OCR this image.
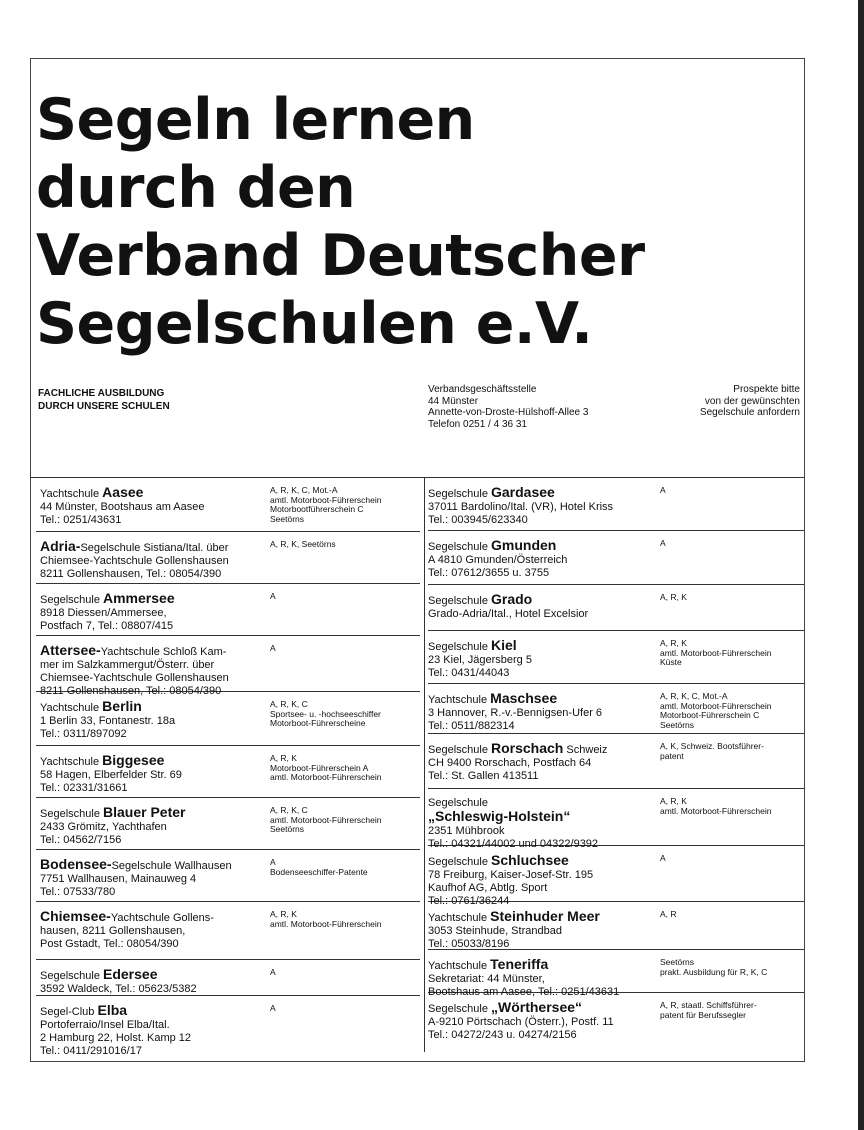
Segeln lernen
durch den
Verband Deutscher
Segelschulen e.V.
FACHLICHE AUSBILDUNG
DURCH UNSERE SCHULEN
Verbandsgeschäftsstelle
44 Münster
Annette-von-Droste-Hülshoff-Allee 3
Telefon 0251 / 4 36 31
Prospekte bitte
von der gewünschten
Segelschule anfordern
Yachtschule Aasee
44 Münster, Bootshaus am Aasee
Tel.: 0251/43631
A, R, K, C, Mot.-A
amtl. Motorboot-Führerschein
Motorbootführerschein C
Seetörns
Adria-Segelschule Sistiana/Ital. über
Chiemsee-Yachtschule Gollenshausen
8211 Gollenshausen, Tel.: 08054/390
A, R, K, Seetörns
Segelschule Ammersee
8918 Diessen/Ammersee,
Postfach 7, Tel.: 08807/415
A
Attersee-Yachtschule Schloß Kam-
mer im Salzkammergut/Österr. über
Chiemsee-Yachtschule Gollenshausen
8211 Gollenshausen, Tel.: 08054/390
A
Yachtschule Berlin
1 Berlin 33, Fontanestr. 18a
Tel.: 0311/897092
A, R, K, C
Sportsee- u. -hochseeschiffer
Motorboot-Führerscheine
Yachtschule Biggesee
58 Hagen, Elberfelder Str. 69
Tel.: 02331/31661
A, R, K
Motorboot-Führerschein A
amtl. Motorboot-Führerschein
Segelschule Blauer Peter
2433 Grömitz, Yachthafen
Tel.: 04562/7156
A, R, K, C
amtl. Motorboot-Führerschein
Seetörns
Bodensee-Segelschule Wallhausen
7751 Wallhausen, Mainauweg 4
Tel.: 07533/780
A
Bodenseeschiffer-Patente
Chiemsee-Yachtschule Gollens-
hausen, 8211 Gollenshausen,
Post Gstadt, Tel.: 08054/390
A, R, K
amtl. Motorboot-Führerschein
Segelschule Edersee
3592 Waldeck, Tel.: 05623/5382
A
Segel-Club Elba
Portoferraio/Insel Elba/Ital.
2 Hamburg 22, Holst. Kamp 12
Tel.: 0411/291016/17
A
Segelschule Gardasee
37011 Bardolino/Ital. (VR), Hotel Kriss
Tel.: 003945/623340
A
Segelschule Gmunden
A 4810 Gmunden/Österreich
Tel.: 07612/3655 u. 3755
A
Segelschule Grado
Grado-Adria/Ital., Hotel Excelsior
A, R, K
Segelschule Kiel
23 Kiel, Jägersberg 5
Tel.: 0431/44043
A, R, K
amtl. Motorboot-Führerschein
Küste
Yachtschule Maschsee
3 Hannover, R.-v.-Bennigsen-Ufer 6
Tel.: 0511/882314
A, R, K, C, Mot.-A
amtl. Motorboot-Führerschein
Motorboot-Führerschein C
Seetörns
Segelschule Rorschach Schweiz
CH 9400 Rorschach, Postfach 64
Tel.: St. Gallen 413511
A, K, Schweiz. Bootsführer-
patent
Segelschule
„Schleswig-Holstein“
2351 Mühbrook
Tel.: 04321/44002 und 04322/9392
A, R, K
amtl. Motorboot-Führerschein
Segelschule Schluchsee
78 Freiburg, Kaiser-Josef-Str. 195
Kaufhof AG, Abtlg. Sport
Tel.: 0761/36244
A
Yachtschule Steinhuder Meer
3053 Steinhude, Strandbad
Tel.: 05033/8196
A, R
Yachtschule Teneriffa
Sekretariat: 44 Münster,
Bootshaus am Aasee, Tel.: 0251/43631
Seetörns
prakt. Ausbildung für R, K, C
Segelschule „Wörthersee“
A-9210 Pörtschach (Österr.), Postf. 11
Tel.: 04272/243 u. 04274/2156
A, R, staatl. Schiffsführer-
patent für Berufssegler
